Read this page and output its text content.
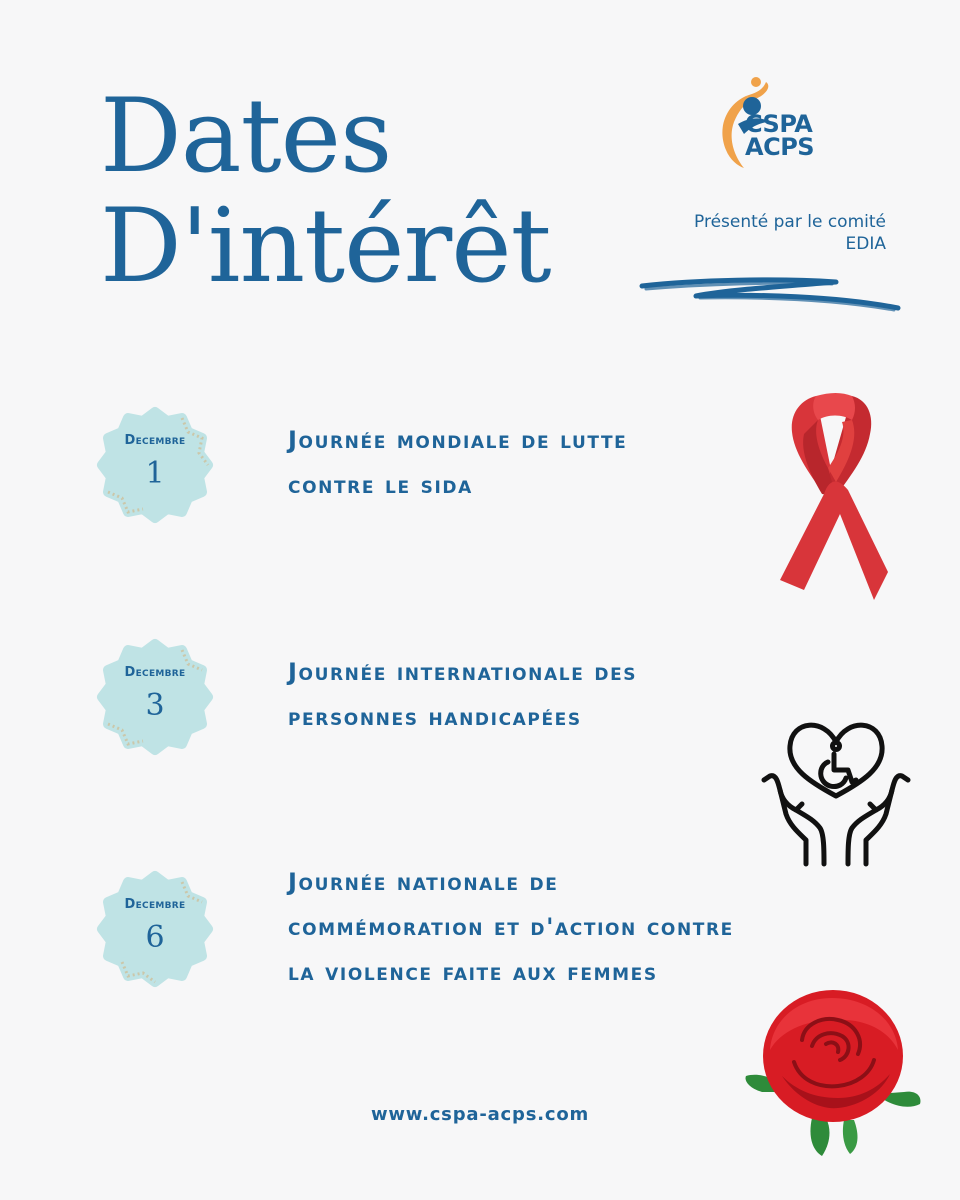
Dates
D'intérêt
CSPA
ACPS
Présenté par le comité
EDIA
Decembre
1
Journée mondiale de lutte
contre le sida
Decembre
3
Journée internationale des
personnes handicapées
Decembre
6
Journée nationale de
commémoration et d'action contre
la violence faite aux femmes
www.cspa-acps.com
